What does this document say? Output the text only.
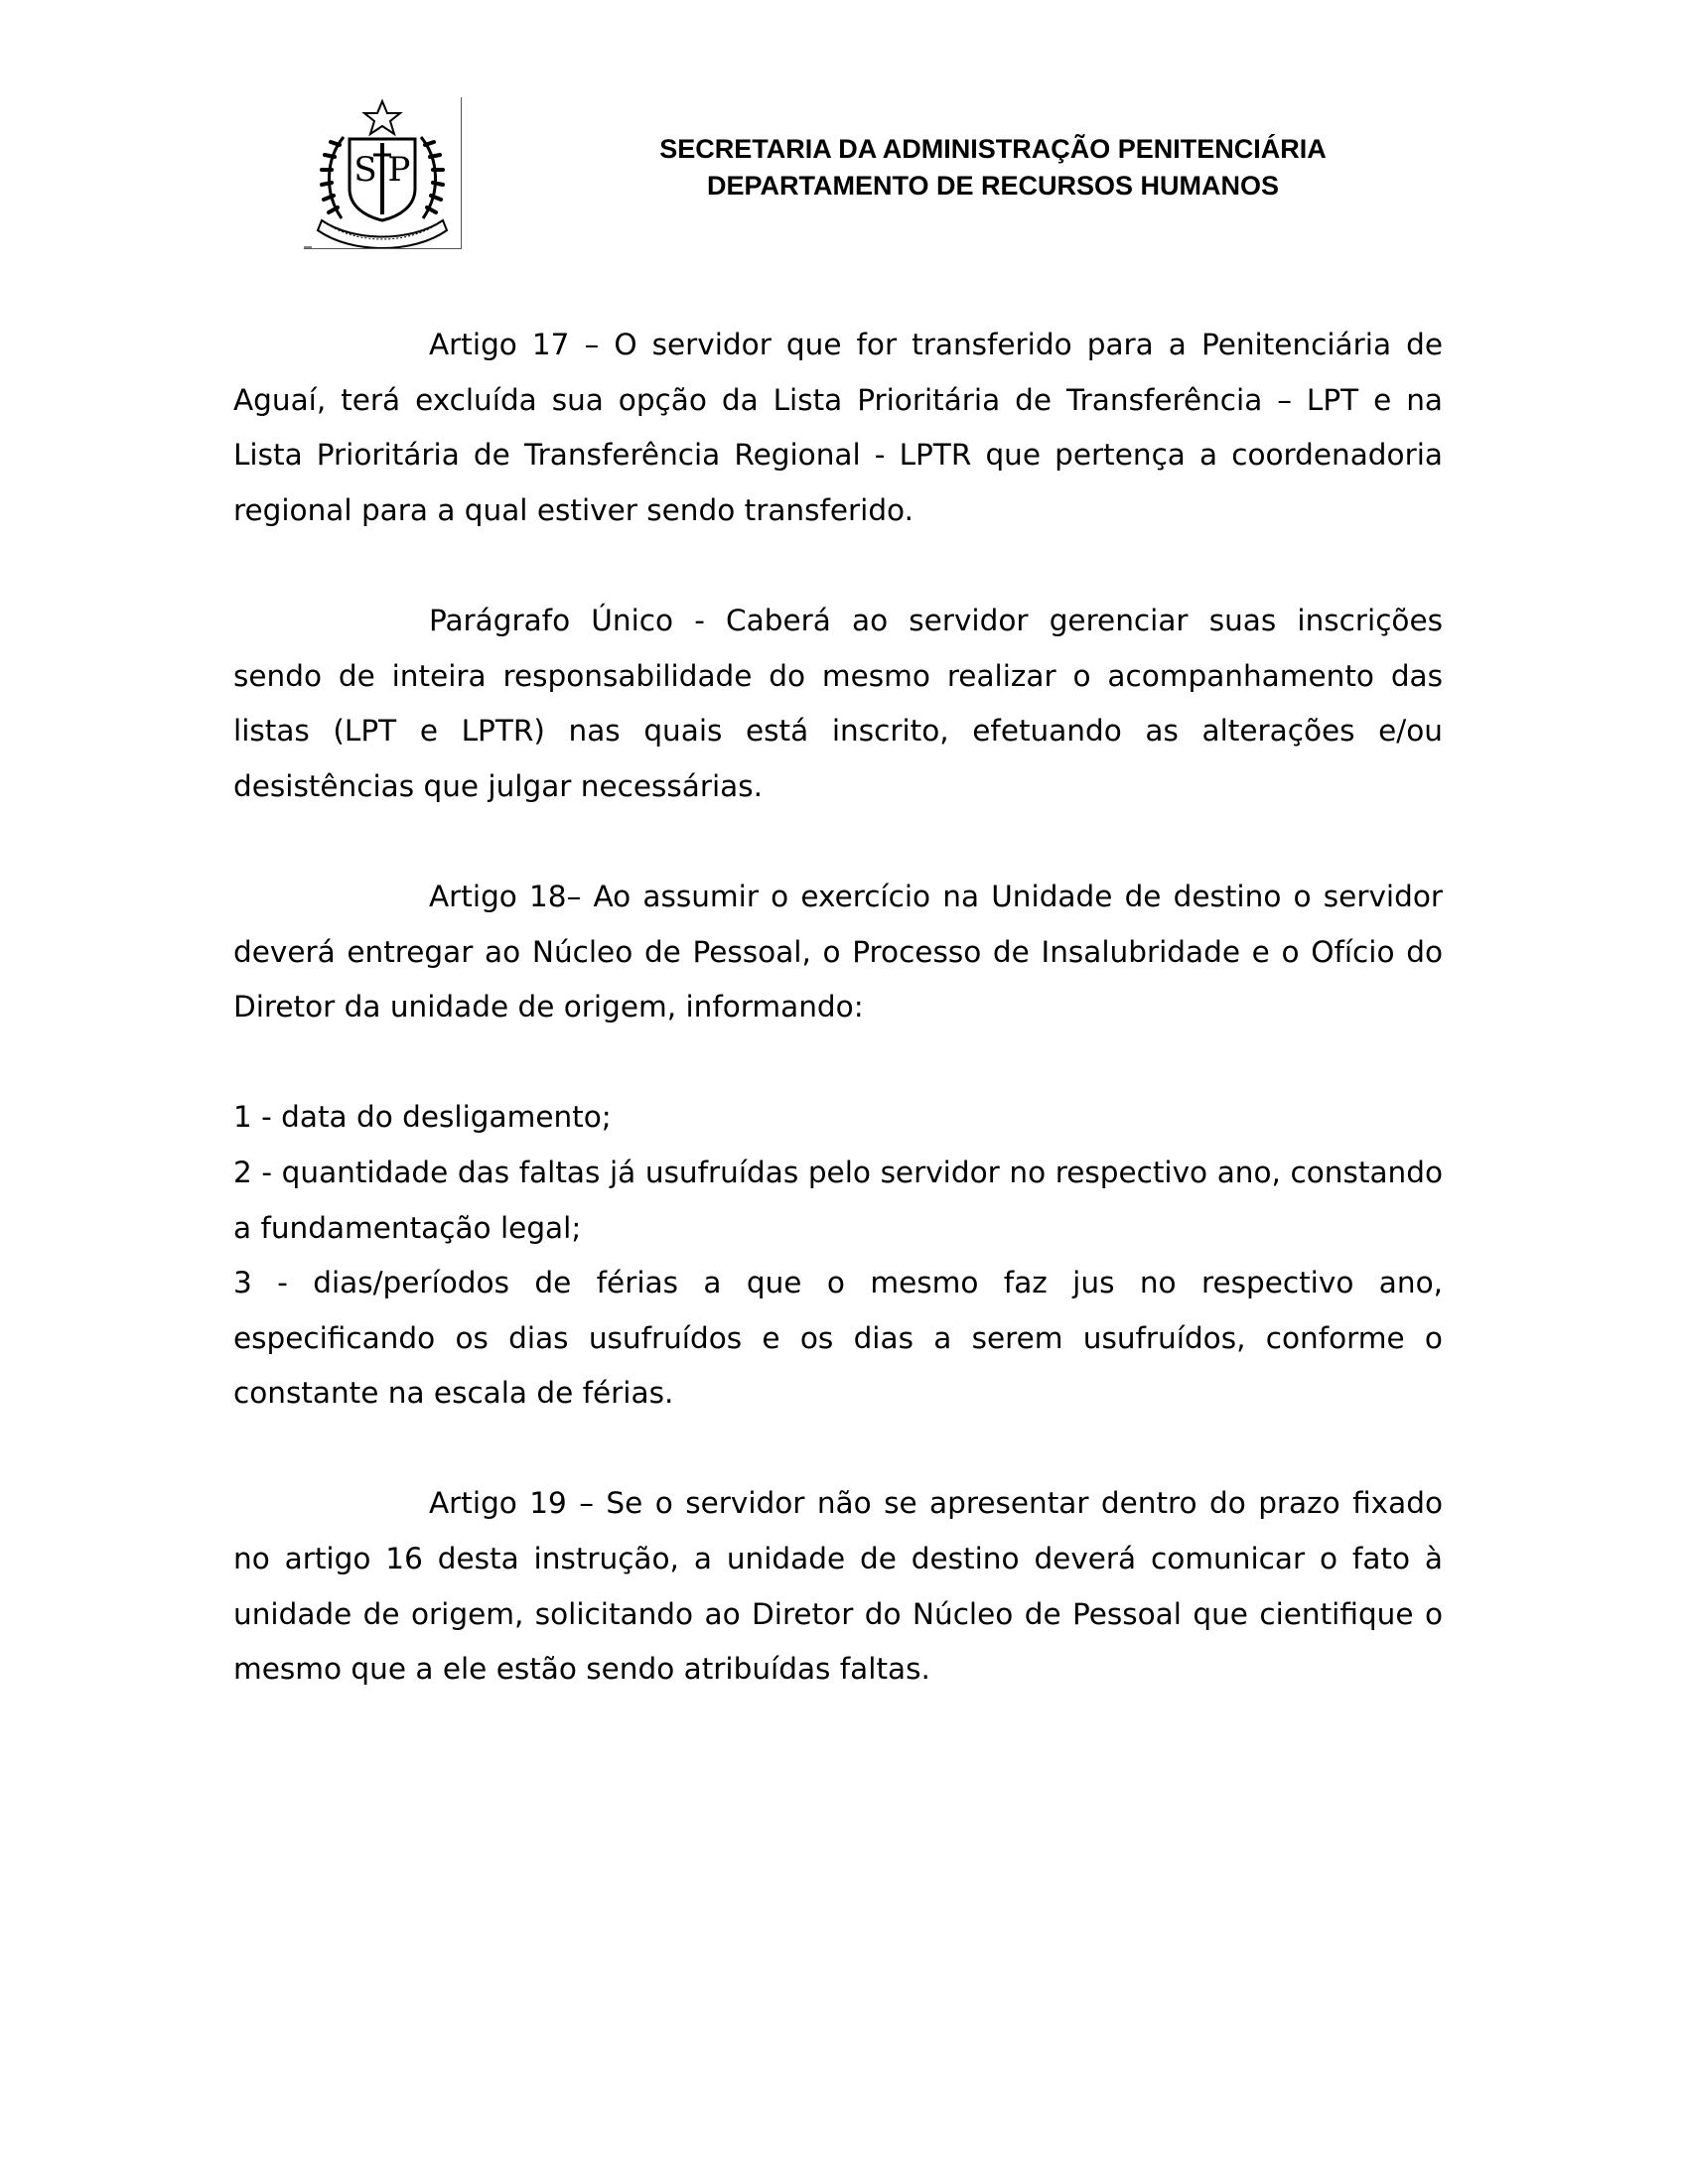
S P
SECRETARIA DA ADMINISTRAÇÃO PENITENCIÁRIA
DEPARTAMENTO DE RECURSOS HUMANOS

Artigo 17 – O servidor que for transferido para a Penitenciária de Aguaí, terá excluída sua opção da Lista Prioritária de Transferência – LPT e na Lista Prioritária de Transferência Regional - LPTR que pertença a coordenadoria regional para a qual estiver sendo transferido.

Parágrafo Único - Caberá ao servidor gerenciar suas inscrições sendo de inteira responsabilidade do mesmo realizar o acompanhamento das listas (LPT e LPTR) nas quais está inscrito, efetuando as alterações e/ou desistências que julgar necessárias.

Artigo 18– Ao assumir o exercício na Unidade de destino o servidor deverá entregar ao Núcleo de Pessoal, o Processo de Insalubridade e o Ofício do Diretor da unidade de origem, informando:

1 - data do desligamento;

2 - quantidade das faltas já usufruídas pelo servidor no respectivo ano, constando a fundamentação legal;

3 - dias/períodos de férias a que o mesmo faz jus no respectivo ano, especificando os dias usufruídos e os dias a serem usufruídos, conforme o constante na escala de férias.

Artigo 19 – Se o servidor não se apresentar dentro do prazo fixado no artigo 16 desta instrução, a unidade de destino deverá comunicar o fato à unidade de origem, solicitando ao Diretor do Núcleo de Pessoal que cientifique o mesmo que a ele estão sendo atribuídas faltas.
